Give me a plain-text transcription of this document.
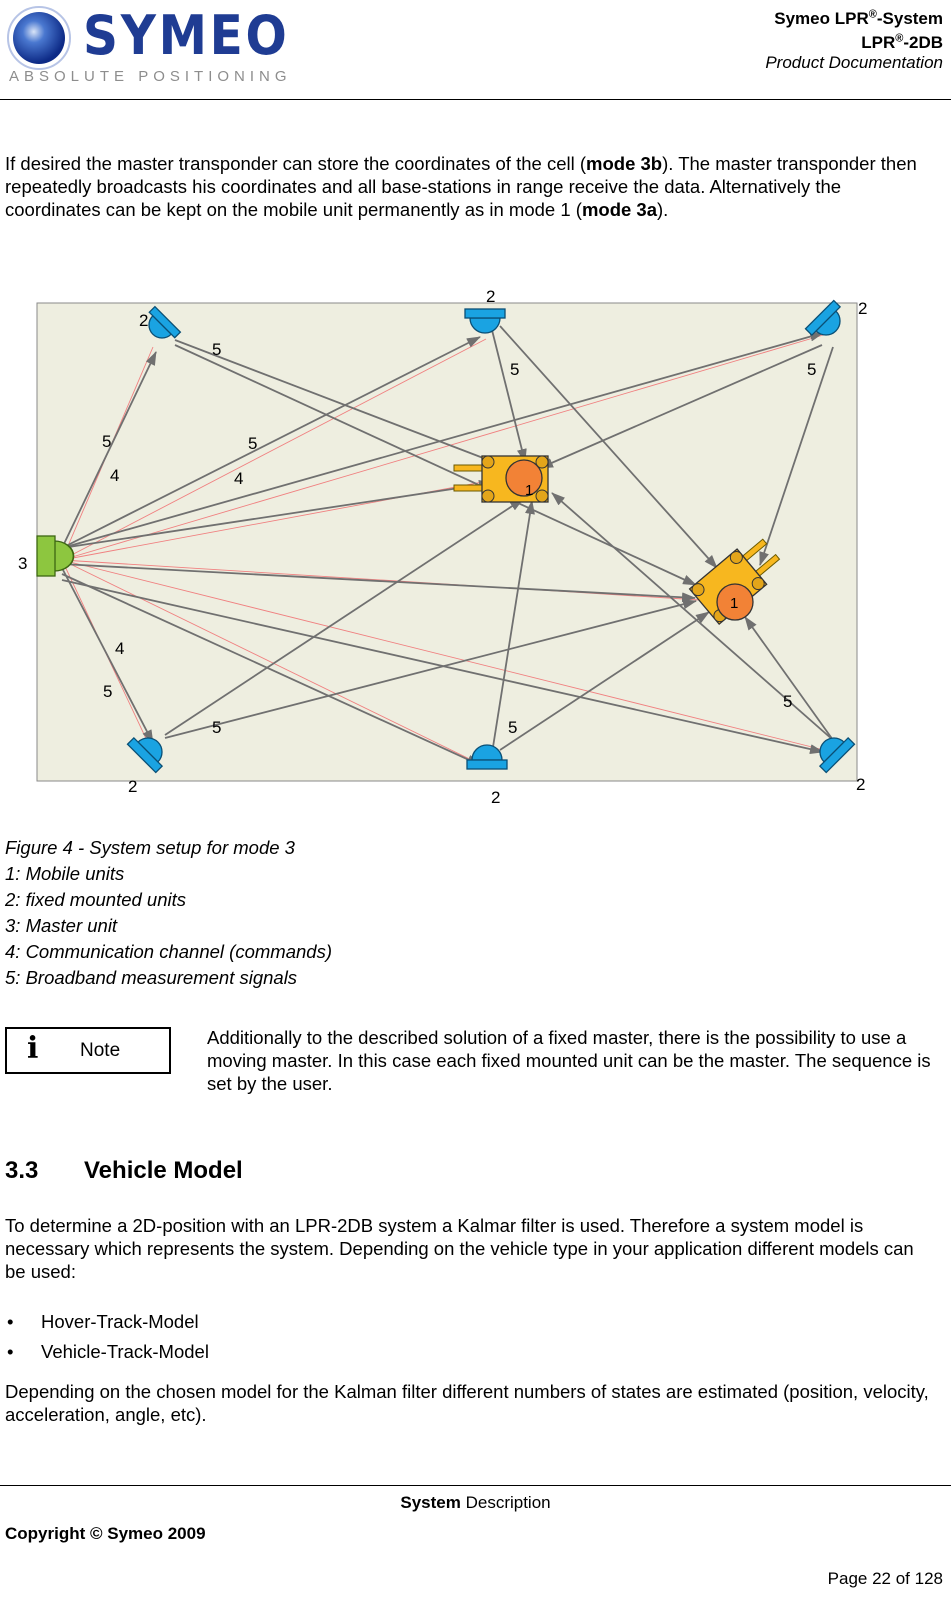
SYMEO
ABSOLUTE POSITIONING
Symeo LPR®-System
LPR®-2DB
Product Documentation
If desired the master transponder can store the coordinates of the cell (mode 3b). The master transponder then repeatedly broadcasts his coordinates and all base-stations in range receive the data. Alternatively the coordinates can be kept on the mobile unit permanently as in mode 1 (mode 3a).
2
2
2
2
2
2
3
1
1
4	4
4
5
5	5
5	5
5
5	5
5
Figure 4 - System setup for mode 3
1: Mobile units
2: fixed mounted units
3: Master unit
4: Communication channel (commands)
5: Broadband measurement signals
i Note
Additionally to the described solution of a fixed master, there is the possibility to use a moving master. In this case each fixed mounted unit can be the master. The sequence is set by the user.
3.3 Vehicle Model
To determine a 2D-position with an LPR-2DB system a Kalmar filter is used. Therefore a system model is necessary which represents the system. Depending on the vehicle type in your application different models can be used:
• Hover-Track-Model
• Vehicle-Track-Model
Depending on the chosen model for the Kalman filter different numbers of states are estimated (position, velocity, acceleration, angle, etc).
System Description
Copyright © Symeo 2009
Page 22 of 128
